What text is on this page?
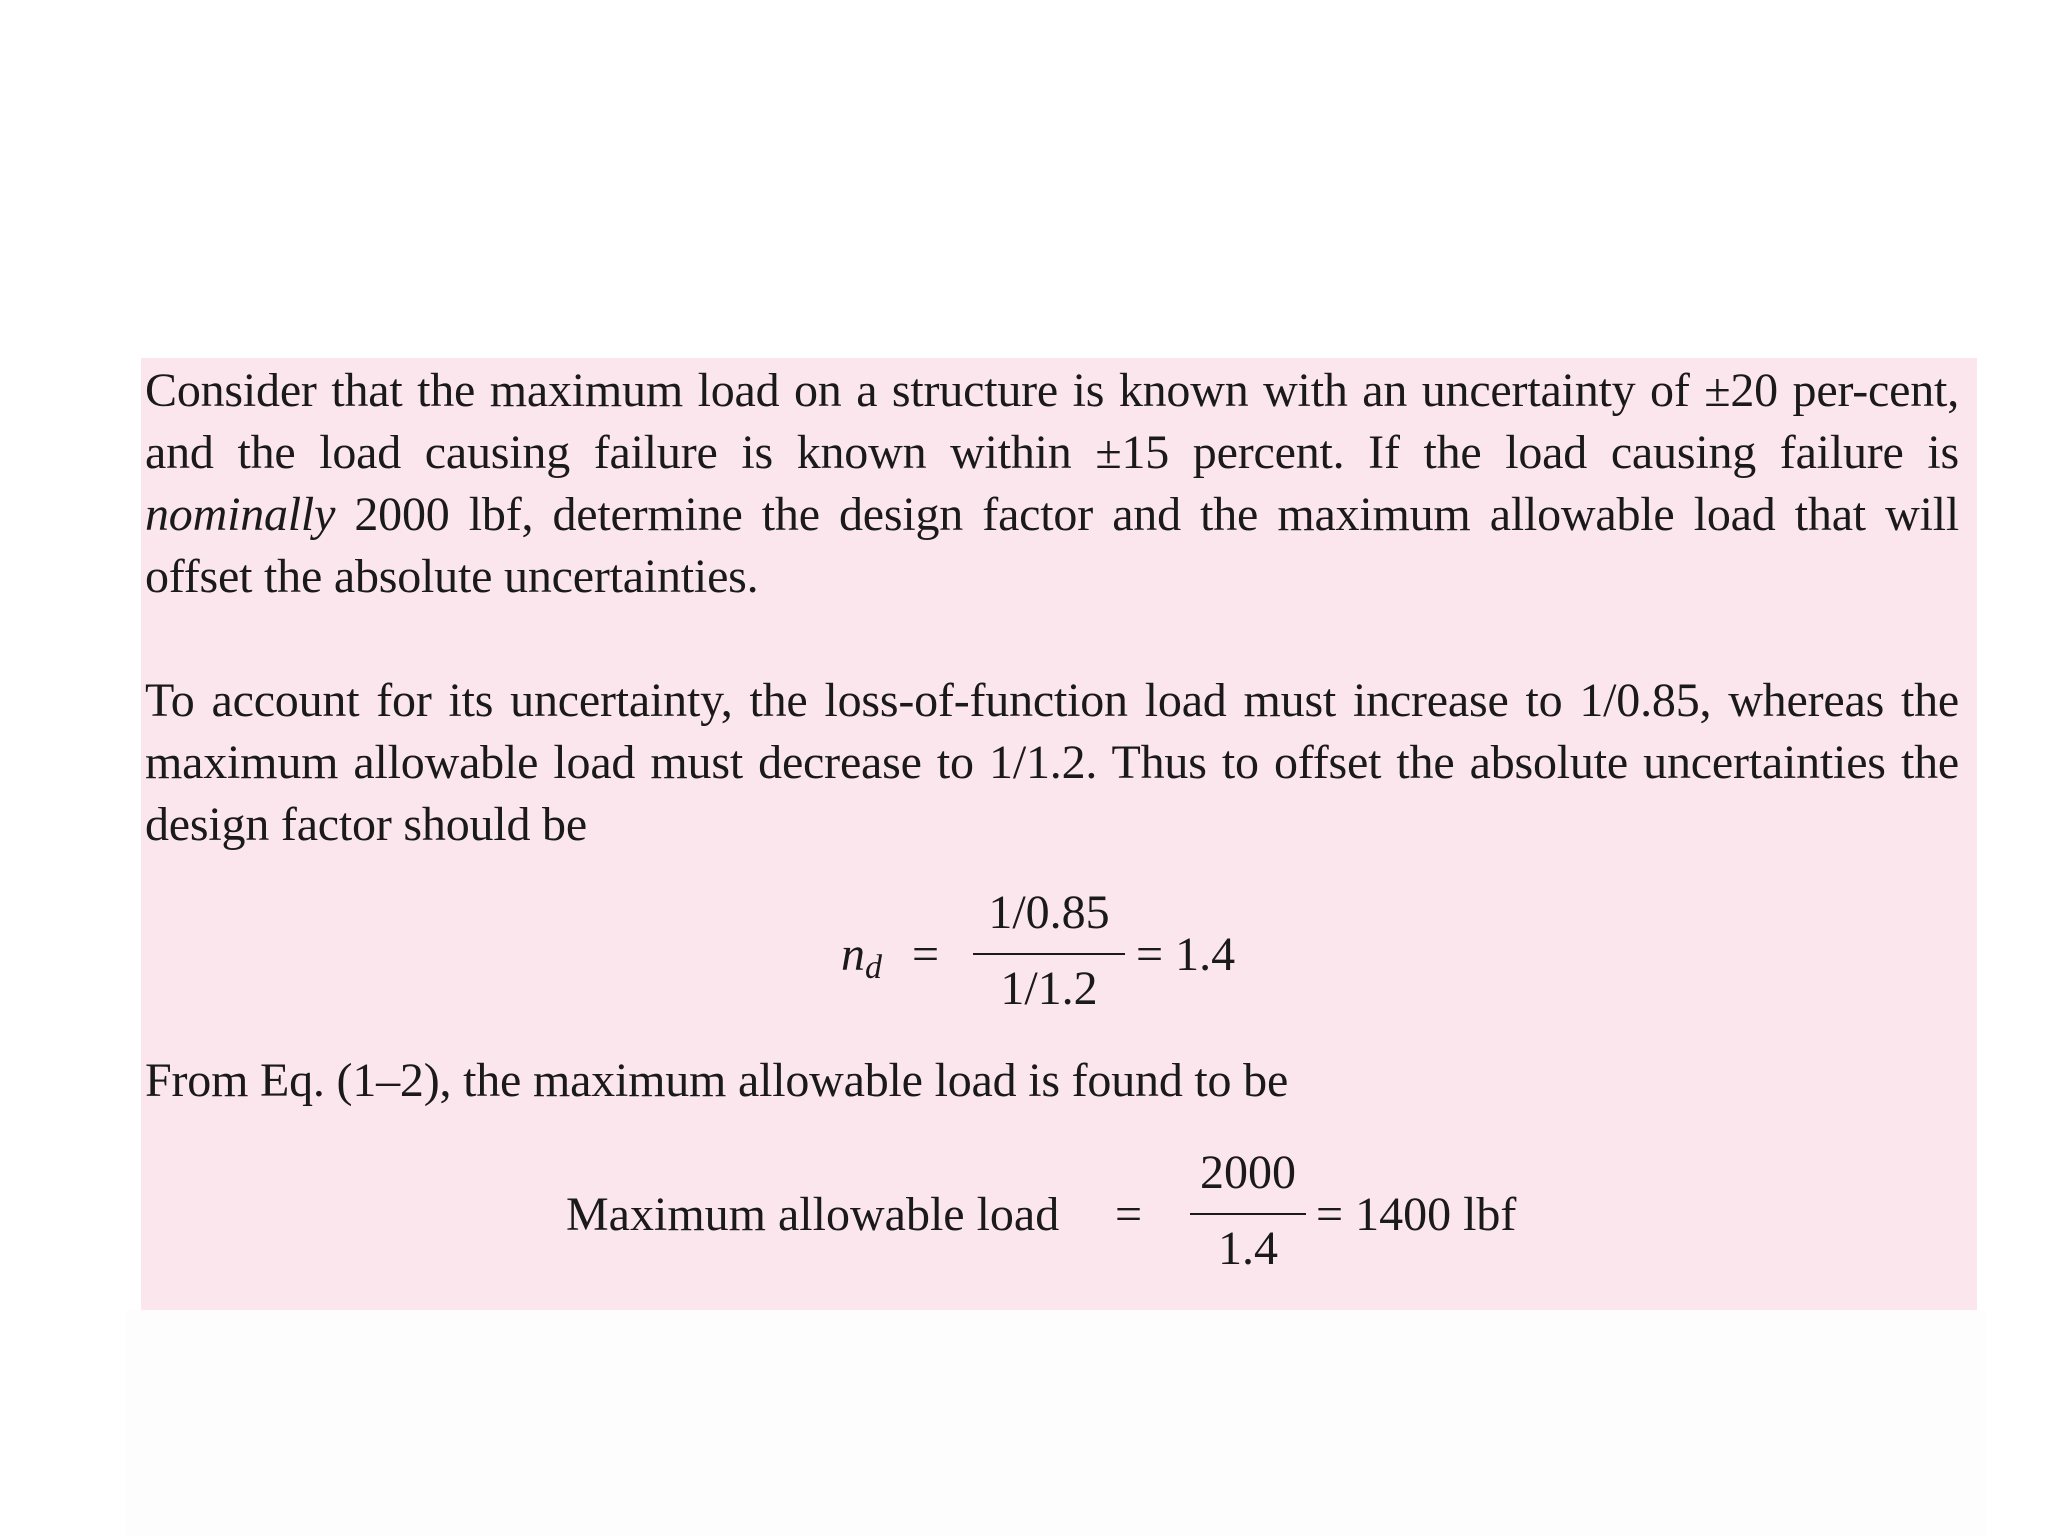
Consider that the maximum load on a structure is known with an uncertainty of ±20 per-cent, and the load causing failure is known within ±15 percent. If the load causing failure is nominally 2000 lbf, determine the design factor and the maximum allowable load that will offset the absolute uncertainties.

To account for its uncertainty, the loss-of-function load must increase to 1/0.85, whereas the maximum allowable load must decrease to 1/1.2. Thus to offset the absolute uncertainties the design factor should be

$n_d$ =
1/0.85
1/1.2
= 1.4

From Eq. (1–2), the maximum allowable load is found to be

Maximum allowable load =
2000
1.4
= 1400 lbf
